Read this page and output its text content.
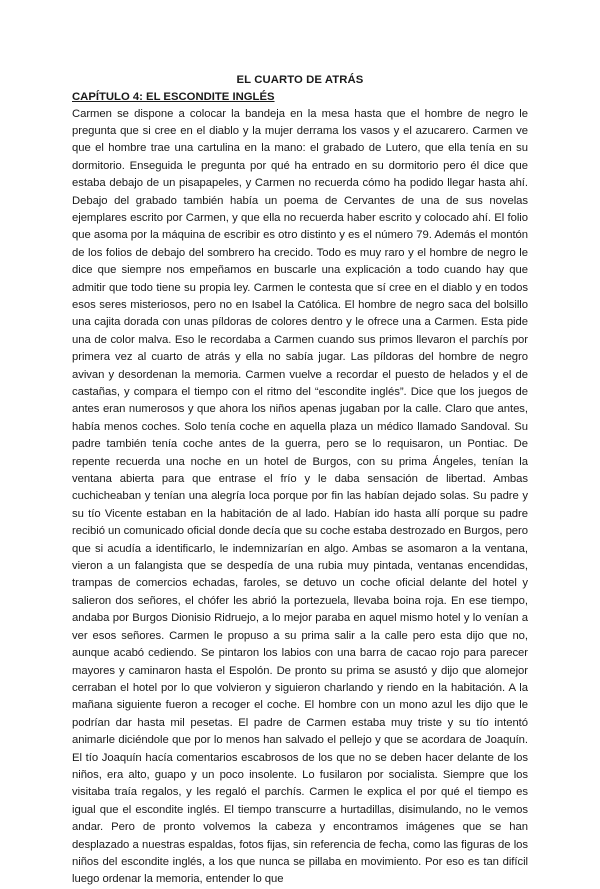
EL CUARTO DE ATRÁS
CAPÍTULO 4: EL ESCONDITE INGLÉS

Carmen se dispone a colocar la bandeja en la mesa hasta que el hombre de negro le pregunta que si cree en el diablo y la mujer derrama los vasos y el azucarero. Carmen ve que el hombre trae una cartulina en la mano: el grabado de Lutero, que ella tenía en su dormitorio. Enseguida le pregunta por qué ha entrado en su dormitorio pero él dice que estaba debajo de un pisapapeles, y Carmen no recuerda cómo ha podido llegar hasta ahí. Debajo del grabado también había un poema de Cervantes de una de sus novelas ejemplares escrito por Carmen, y que ella no recuerda haber escrito y colocado ahí. El folio que asoma por la máquina de escribir es otro distinto y es el número 79. Además el montón de los folios de debajo del sombrero ha crecido. Todo es muy raro y el hombre de negro le dice que siempre nos empeñamos en buscarle una explicación a todo cuando hay que admitir que todo tiene su propia ley. Carmen le contesta que sí cree en el diablo y en todos esos seres misteriosos, pero no en Isabel la Católica. El hombre de negro saca del bolsillo una cajita dorada con unas píldoras de colores dentro y le ofrece una a Carmen. Esta pide una de color malva. Eso le recordaba a Carmen cuando sus primos llevaron el parchís por primera vez al cuarto de atrás y ella no sabía jugar. Las píldoras del hombre de negro avivan y desordenan la memoria. Carmen vuelve a recordar el puesto de helados y el de castañas, y compara el tiempo con el ritmo del “escondite inglés”. Dice que los juegos de antes eran numerosos y que ahora los niños apenas jugaban por la calle. Claro que antes, había menos coches. Solo tenía coche en aquella plaza un médico llamado Sandoval. Su padre también tenía coche antes de la guerra, pero se lo requisaron, un Pontiac. De repente recuerda una noche en un hotel de Burgos, con su prima Ángeles, tenían la ventana abierta para que entrase el frío y le daba sensación de libertad. Ambas cuchicheaban y tenían una alegría loca porque por fin las habían dejado solas. Su padre y su tío Vicente estaban en la habitación de al lado. Habían ido hasta allí porque su padre recibió un comunicado oficial donde decía que su coche estaba destrozado en Burgos, pero que si acudía a identificarlo, le indemnizarían en algo. Ambas se asomaron a la ventana, vieron a un falangista que se despedía de una rubia muy pintada, ventanas encendidas, trampas de comercios echadas, faroles, se detuvo un coche oficial delante del hotel y salieron dos señores, el chófer les abrió la portezuela, llevaba boina roja. En ese tiempo, andaba por Burgos Dionisio Ridruejo, a lo mejor paraba en aquel mismo hotel y lo venían a ver esos señores. Carmen le propuso a su prima salir a la calle pero esta dijo que no, aunque acabó cediendo. Se pintaron los labios con una barra de cacao rojo para parecer mayores y caminaron hasta el Espolón. De pronto su prima se asustó y dijo que alomejor cerraban el hotel por lo que volvieron y siguieron charlando y riendo en la habitación. A la mañana siguiente fueron a recoger el coche. El hombre con un mono azul les dijo que le podrían dar hasta mil pesetas. El padre de Carmen estaba muy triste y su tío intentó animarle diciéndole que por lo menos han salvado el pellejo y que se acordara de Joaquín. El tío Joaquín hacía comentarios escabrosos de los que no se deben hacer delante de los niños, era alto, guapo y un poco insolente. Lo fusilaron por socialista. Siempre que los visitaba traía regalos, y les regaló el parchís. Carmen le explica el por qué el tiempo es igual que el escondite inglés. El tiempo transcurre a hurtadillas, disimulando, no le vemos andar. Pero de pronto volvemos la cabeza y encontramos imágenes que se han desplazado a nuestras espaldas, fotos fijas, sin referencia de fecha, como las figuras de los niños del escondite inglés, a los que nunca se pillaba en movimiento. Por eso es tan difícil luego ordenar la memoria, entender lo que
